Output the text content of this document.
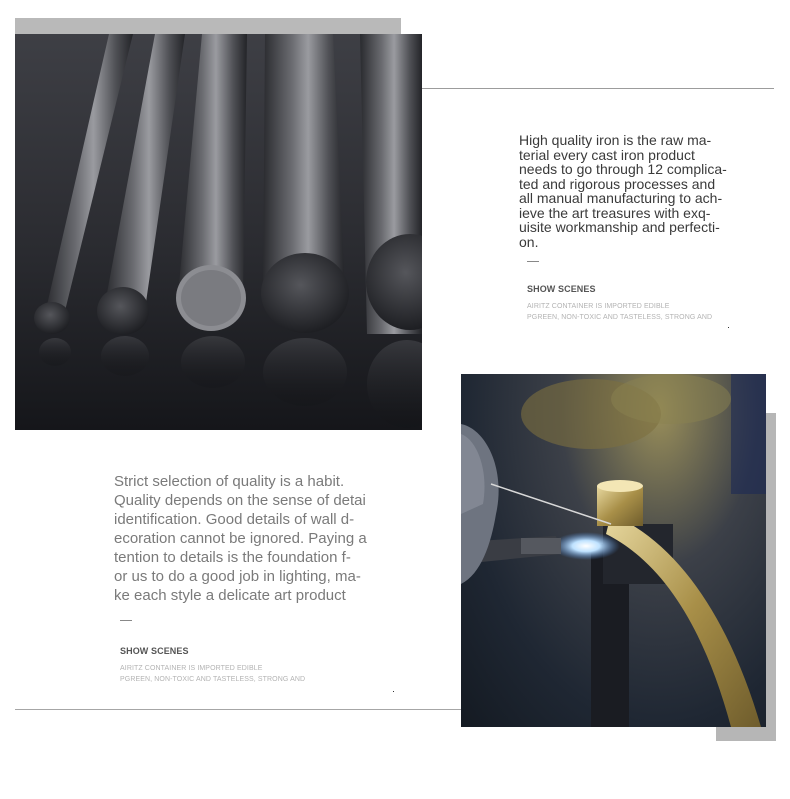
High quality iron is the raw ma-
terial every cast iron product
needs to go through 12 complica-
ted and rigorous processes and
all manual manufacturing to ach-
ieve the art treasures with exq-
uisite workmanship and perfecti-
on.
SHOW SCENES
AIRITZ CONTAINER IS IMPORTED EDIBLE
PGREEN, NON-TOXIC AND TASTELESS, STRONG AND
Strict selection of quality is a habit.
Quality depends on the sense of detai
identification. Good details of wall d-
ecoration cannot be ignored. Paying a
tention to details is the foundation f-
or us to do a good job in lighting, ma-
ke each style a delicate art product
SHOW SCENES
AIRITZ CONTAINER IS IMPORTED EDIBLE
PGREEN, NON-TOXIC AND TASTELESS, STRONG AND
